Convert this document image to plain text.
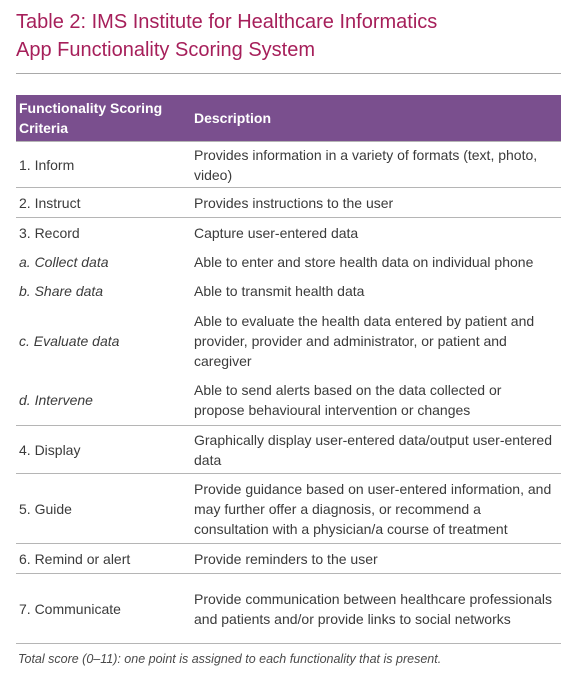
Table 2: IMS Institute for Healthcare Informatics
App Functionality Scoring System
Functionality Scoring Criteria	Description
1. Inform	Provides information in a variety of formats (text, photo, video)
2. Instruct	Provides instructions to the user
3. Record	Capture user-entered data
a. Collect data	Able to enter and store health data on individual phone
b. Share data	Able to transmit health data
c. Evaluate data	Able to evaluate the health data entered by patient and provider, provider and administrator, or patient and caregiver
d. Intervene	Able to send alerts based on the data collected or propose behavioural intervention or changes
4. Display	Graphically display user-entered data/output user-entered data
5. Guide	Provide guidance based on user-entered information, and may further offer a diagnosis, or recommend a consultation with a physician/a course of treatment
6. Remind or alert	Provide reminders to the user
7. Communicate	Provide communication between healthcare professionals and patients and/or provide links to social networks
Total score (0–11): one point is assigned to each functionality that is present.
